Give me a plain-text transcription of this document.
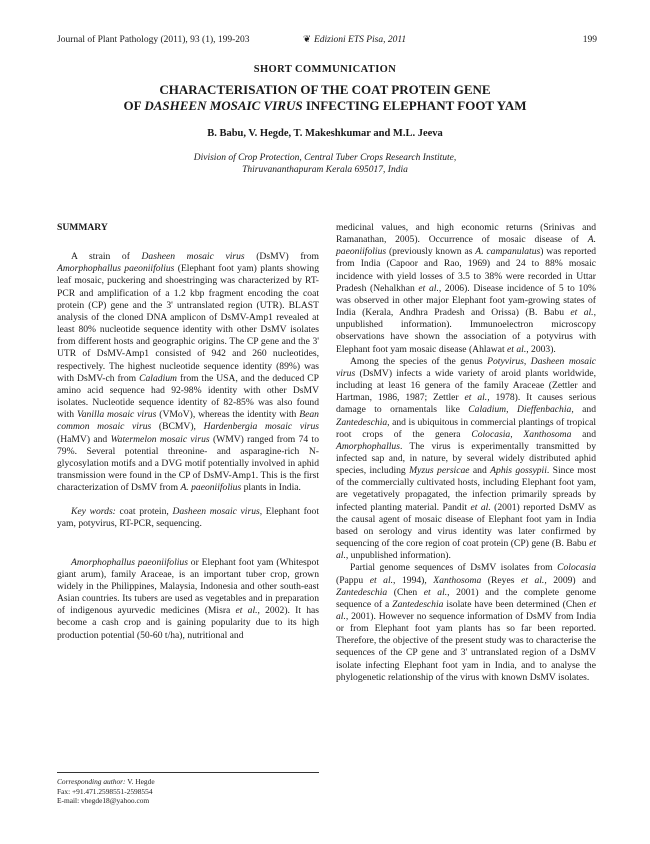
Journal of Plant Pathology (2011), 93 (1), 199-203	❦ Edizioni ETS Pisa, 2011	199
SHORT COMMUNICATION
CHARACTERISATION OF THE COAT PROTEIN GENE
OF DASHEEN MOSAIC VIRUS INFECTING ELEPHANT FOOT YAM
B. Babu, V. Hegde, T. Makeshkumar and M.L. Jeeva
Division of Crop Protection, Central Tuber Crops Research Institute,
Thiruvananthapuram Kerala 695017, India
SUMMARY

A strain of Dasheen mosaic virus (DsMV) from Amorphophallus paeoniifolius (Elephant foot yam) plants showing leaf mosaic, puckering and shoestringing was characterized by RT-PCR and amplification of a 1.2 kbp fragment encoding the coat protein (CP) gene and the 3' untranslated region (UTR). BLAST analysis of the cloned DNA amplicon of DsMV-Amp1 revealed at least 80% nucleotide sequence identity with other DsMV isolates from different hosts and geographic origins. The CP gene and the 3' UTR of DsMV-Amp1 consisted of 942 and 260 nucleotides, respectively. The highest nucleotide sequence identity (89%) was with DsMV-ch from Caladium from the USA, and the deduced CP amino acid sequence had 92-98% identity with other DsMV isolates. Nucleotide sequence identity of 82-85% was also found with Vanilla mosaic virus (VMoV), whereas the identity with Bean common mosaic virus (BCMV), Hardenbergia mosaic virus (HaMV) and Watermelon mosaic virus (WMV) ranged from 74 to 79%. Several potential threonine- and asparagine-rich N-glycosylation motifs and a DVG motif potentially involved in aphid transmission were found in the CP of DsMV-Amp1. This is the first characterization of DsMV from A. paeoniifolius plants in India.

Key words: coat protein, Dasheen mosaic virus, Elephant foot yam, potyvirus, RT-PCR, sequencing.

Amorphophallus paeoniifolius or Elephant foot yam (Whitespot giant arum), family Araceae, is an important tuber crop, grown widely in the Philippines, Malaysia, Indonesia and other south-east Asian countries. Its tubers are used as vegetables and in preparation of indigenous ayurvedic medicines (Misra et al., 2002). It has become a cash crop and is gaining popularity due to its high production potential (50-60 t/ha), nutritional and

medicinal values, and high economic returns (Srinivas and Ramanathan, 2005). Occurrence of mosaic disease of A. paeoniifolius (previously known as A. campanulatus) was reported from India (Capoor and Rao, 1969) and 24 to 88% mosaic incidence with yield losses of 3.5 to 38% were recorded in Uttar Pradesh (Nehalkhan et al., 2006). Disease incidence of 5 to 10% was observed in other major Elephant foot yam-growing states of India (Kerala, Andhra Pradesh and Orissa) (B. Babu et al., unpublished information). Immunoelectron microscopy observations have shown the association of a potyvirus with Elephant foot yam mosaic disease (Ahlawat et al., 2003).

Among the species of the genus Potyvirus, Dasheen mosaic virus (DsMV) infects a wide variety of aroid plants worldwide, including at least 16 genera of the family Araceae (Zettler and Hartman, 1986, 1987; Zettler et al., 1978). It causes serious damage to ornamentals like Caladium, Dieffenbachia, and Zantedeschia, and is ubiquitous in commercial plantings of tropical root crops of the genera Colocasia, Xanthosoma and Amorphophallus. The virus is experimentally transmitted by infected sap and, in nature, by several widely distributed aphid species, including Myzus persicae and Aphis gossypii. Since most of the commercially cultivated hosts, including Elephant foot yam, are vegetatively propagated, the infection primarily spreads by infected planting material. Pandit et al. (2001) reported DsMV as the causal agent of mosaic disease of Elephant foot yam in India based on serology and virus identity was later confirmed by sequencing of the core region of coat protein (CP) gene (B. Babu et al., unpublished information).

Partial genome sequences of DsMV isolates from Colocasia (Pappu et al., 1994), Xanthosoma (Reyes et al., 2009) and Zantedeschia (Chen et al., 2001) and the complete genome sequence of a Zantedeschia isolate have been determined (Chen et al., 2001). However no sequence information of DsMV from India or from Elephant foot yam plants has so far been reported. Therefore, the objective of the present study was to characterise the sequences of the CP gene and 3' untranslated region of a DsMV isolate infecting Elephant foot yam in India, and to analyse the phylogenetic relationship of the virus with known DsMV isolates.

Corresponding author: V. Hegde
Fax: +91.471.2598551-2598554
E-mail: vhegde18@yahoo.com
